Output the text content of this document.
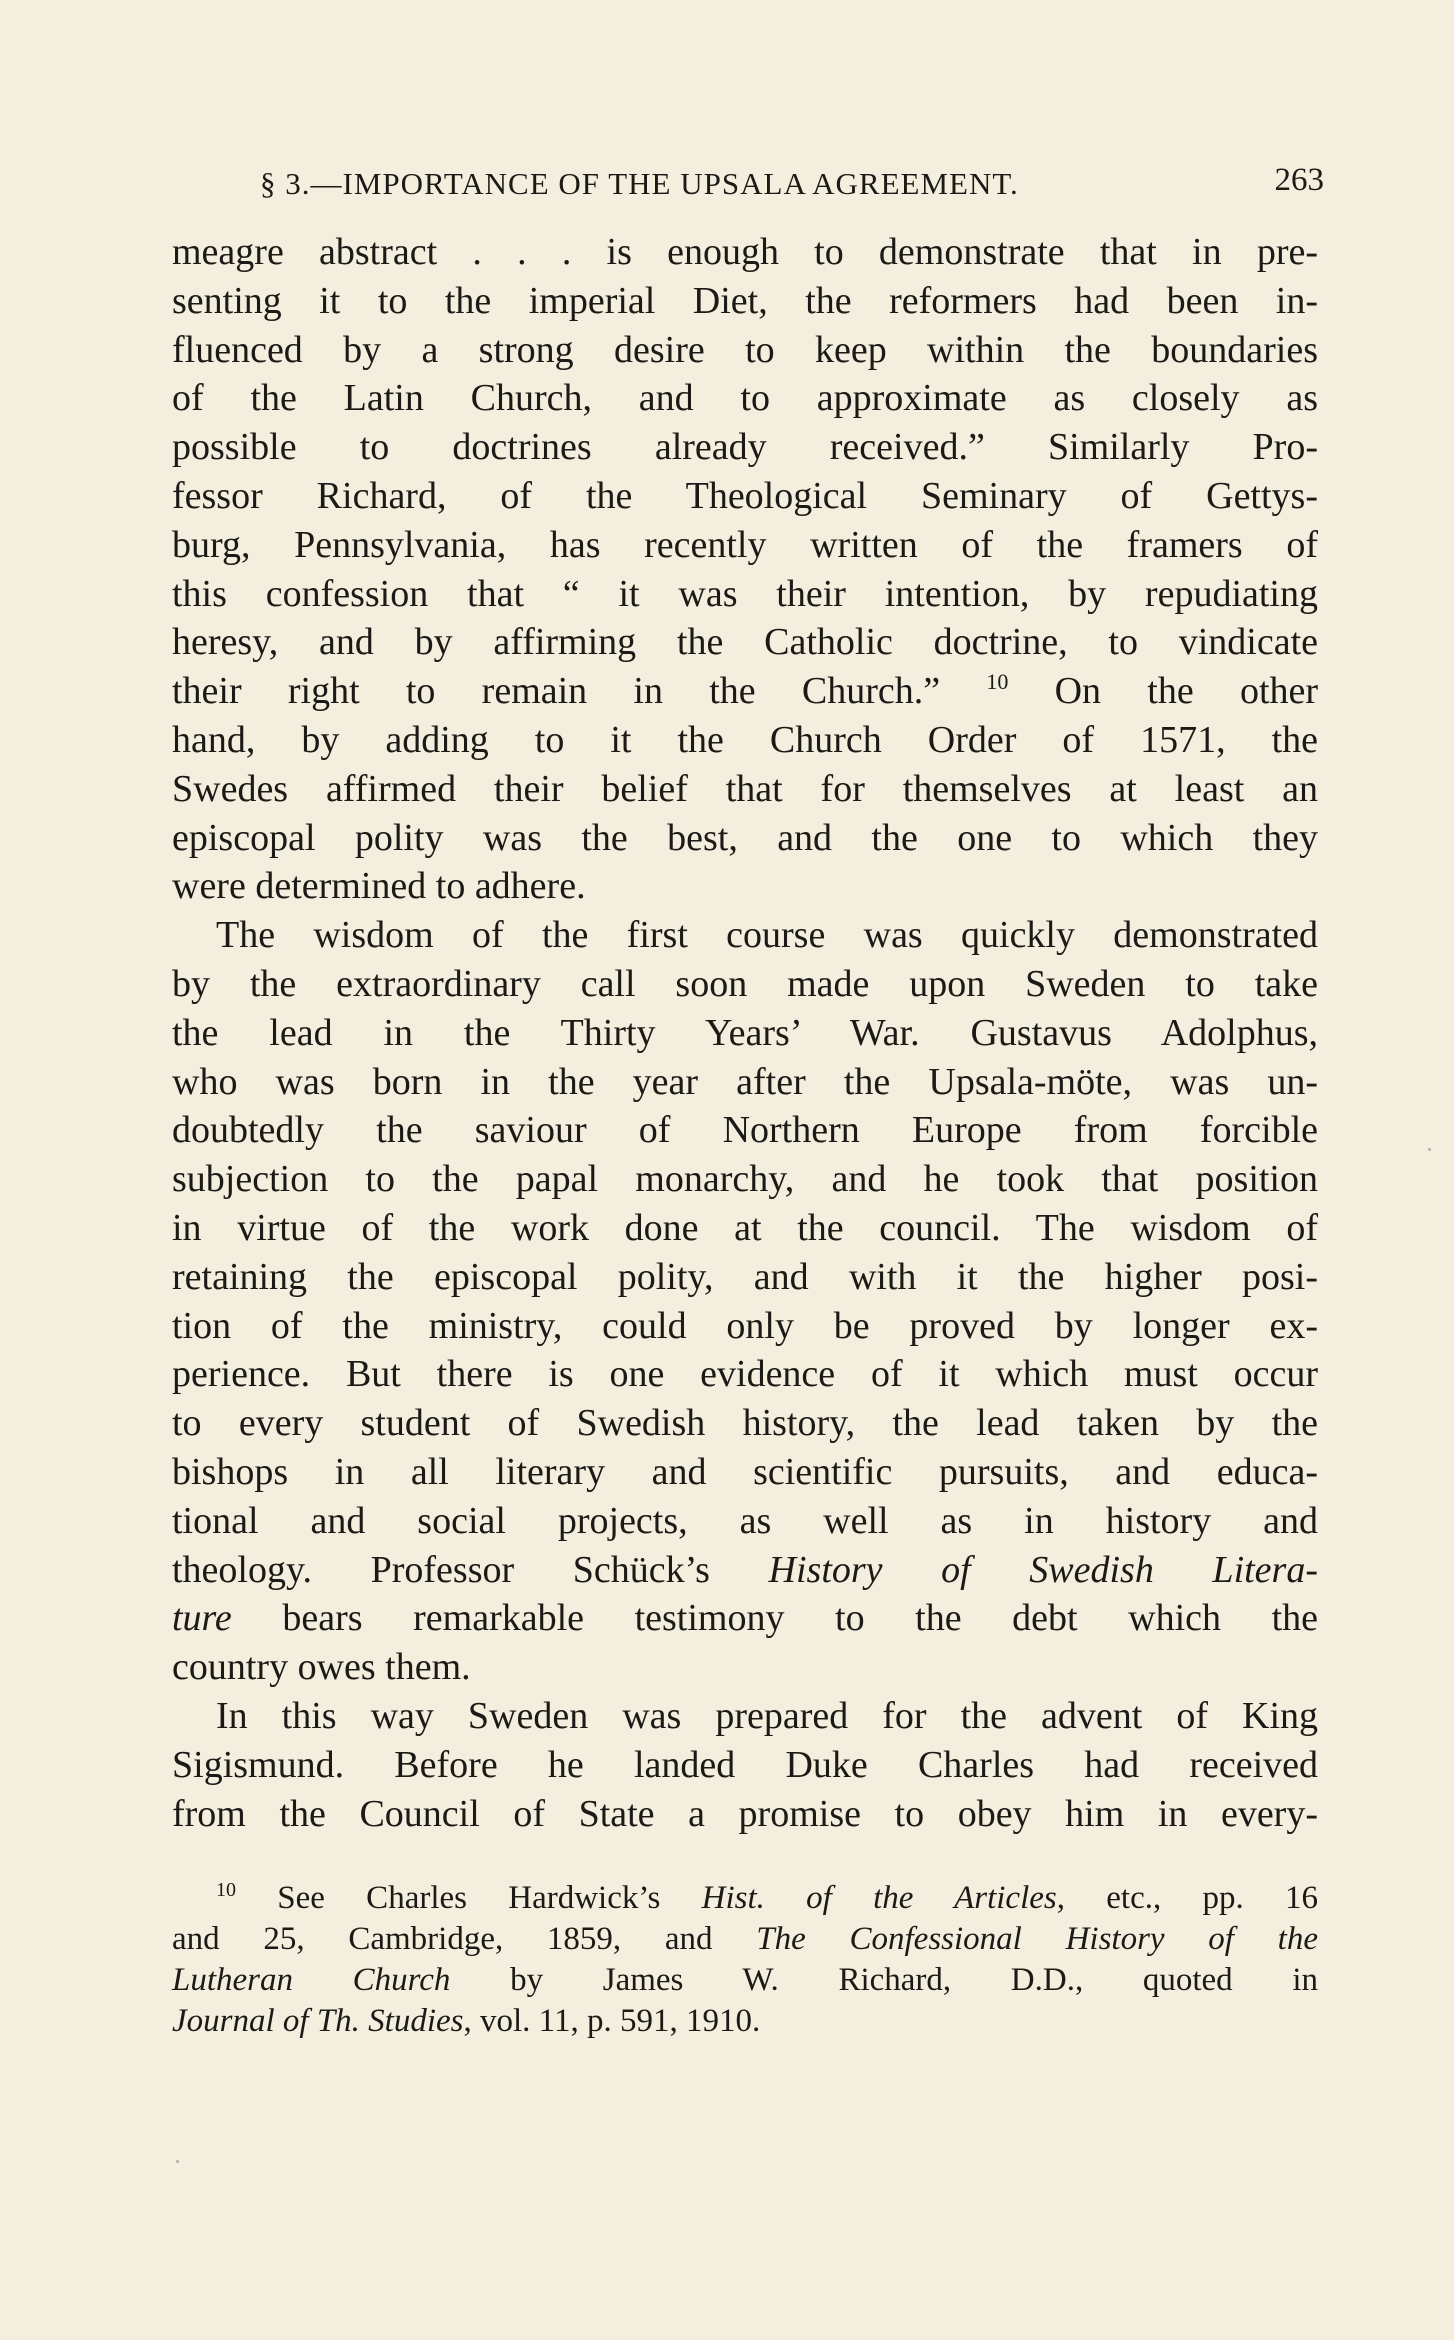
§ 3.—IMPORTANCE OF THE UPSALA AGREEMENT.	263
meagre abstract . . . is enough to demonstrate that in pre-
senting it to the imperial Diet, the reformers had been in-
fluenced by a strong desire to keep within the boundaries
of the Latin Church, and to approximate as closely as
possible to doctrines already received.” Similarly Pro-
fessor Richard, of the Theological Seminary of Gettys-
burg, Pennsylvania, has recently written of the framers of
this confession that “ it was their intention, by repudiating
heresy, and by affirming the Catholic doctrine, to vindicate
their right to remain in the Church.” $^{10}$ On the other
hand, by adding to it the Church Order of 1571, the
Swedes affirmed their belief that for themselves at least an
episcopal polity was the best, and the one to which they
were determined to adhere.
The wisdom of the first course was quickly demonstrated
by the extraordinary call soon made upon Sweden to take
the lead in the Thirty Years’ War. Gustavus Adolphus,
who was born in the year after the Upsala-möte, was un-
doubtedly the saviour of Northern Europe from forcible
subjection to the papal monarchy, and he took that position
in virtue of the work done at the council. The wisdom of
retaining the episcopal polity, and with it the higher posi-
tion of the ministry, could only be proved by longer ex-
perience. But there is one evidence of it which must occur
to every student of Swedish history, the lead taken by the
bishops in all literary and scientific pursuits, and educa-
tional and social projects, as well as in history and
theology. Professor Schück’s History of Swedish Litera-
ture bears remarkable testimony to the debt which the
country owes them.
In this way Sweden was prepared for the advent of King
Sigismund. Before he landed Duke Charles had received
from the Council of State a promise to obey him in every-
$^{10}$ See Charles Hardwick’s Hist. of the Articles, etc., pp. 16
and 25, Cambridge, 1859, and The Confessional History of the
Lutheran Church by James W. Richard, D.D., quoted in
Journal of Th. Studies, vol. 11, p. 591, 1910.
